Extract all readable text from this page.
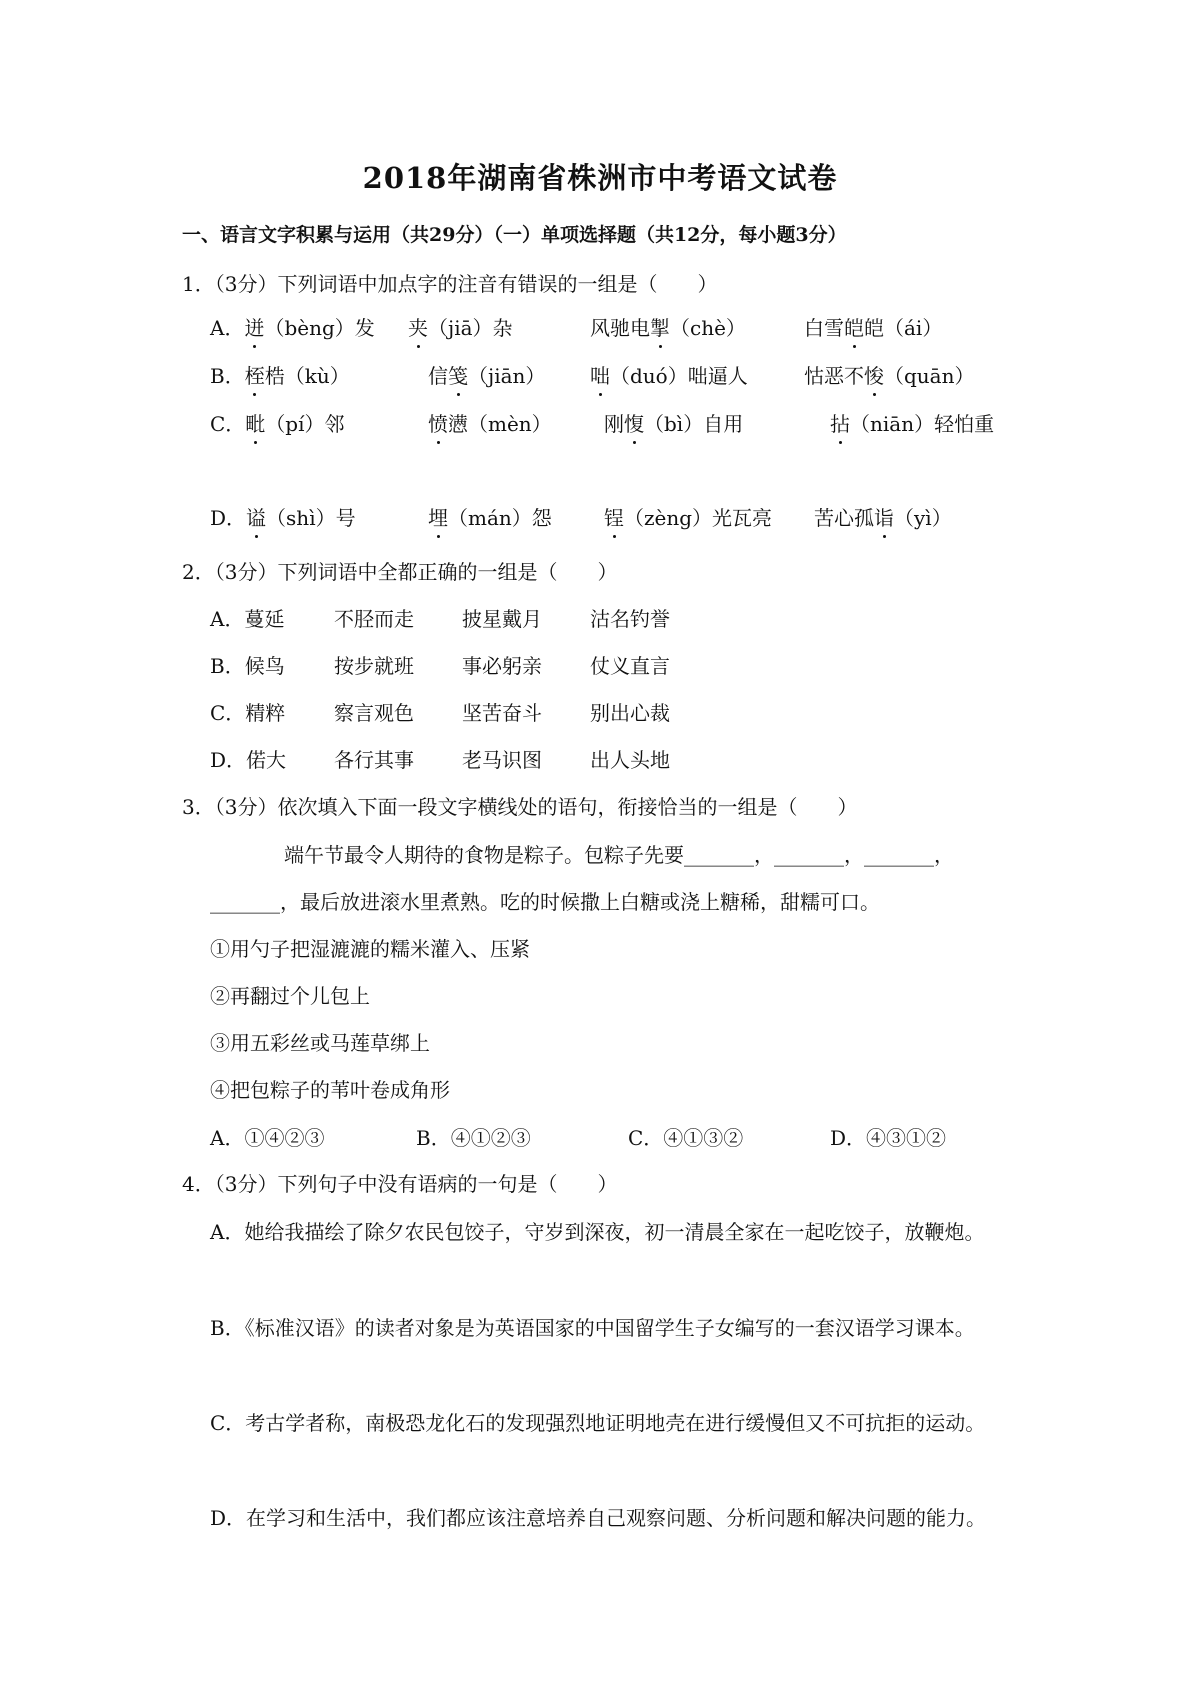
2018年湖南省株洲市中考语文试卷
一、语言文字积累与运用（共29分）（一）单项选择题（共12分，每小题3分）
1．（3分）下列词语中加点字的注音有错误的一组是（　　）
A．迸（bèng）发 夹（jiā）杂	风驰电掣（chè）	白雪皑皑（ái）
B．桎梏（kù）	信笺（jiān） 咄（duó）咄逼人	怙恶不悛（quān）
C．毗（pí）邻	愤懑（mèn）	刚愎（bì）自用	拈（niān）轻怕重
D．谥（shì）号	埋（mán）怨	锃（zèng）光瓦亮 苦心孤诣（yì）
2．（3分）下列词语中全都正确的一组是（　　）
A．蔓延 不胫而走 披星戴月 沽名钓誉
B．候鸟 按步就班 事必躬亲 仗义直言
C．精粹 察言观色 坚苦奋斗 别出心裁
D．偌大 各行其事 老马识图 出人头地
3．（3分）依次填入下面一段文字横线处的语句，衔接恰当的一组是（　　）
端午节最令人期待的食物是粽子。包粽子先要_______，_______，_______，
_______，最后放进滚水里煮熟。吃的时候撒上白糖或浇上糖稀，甜糯可口。
①用勺子把湿漉漉的糯米灌入、压紧
②再翻过个儿包上
③用五彩丝或马莲草绑上
④把包粽子的苇叶卷成角形
A．①④②③	B．④①②③	C．④①③②	D．④③①②
4．（3分）下列句子中没有语病的一句是（　　）
A．她给我描绘了除夕农民包饺子，守岁到深夜，初一清晨全家在一起吃饺子，放鞭炮。
B．《标准汉语》的读者对象是为英语国家的中国留学生子女编写的一套汉语学习课本。
C．考古学者称，南极恐龙化石的发现强烈地证明地壳在进行缓慢但又不可抗拒的运动。
D．在学习和生活中，我们都应该注意培养自己观察问题、分析问题和解决问题的能力。
